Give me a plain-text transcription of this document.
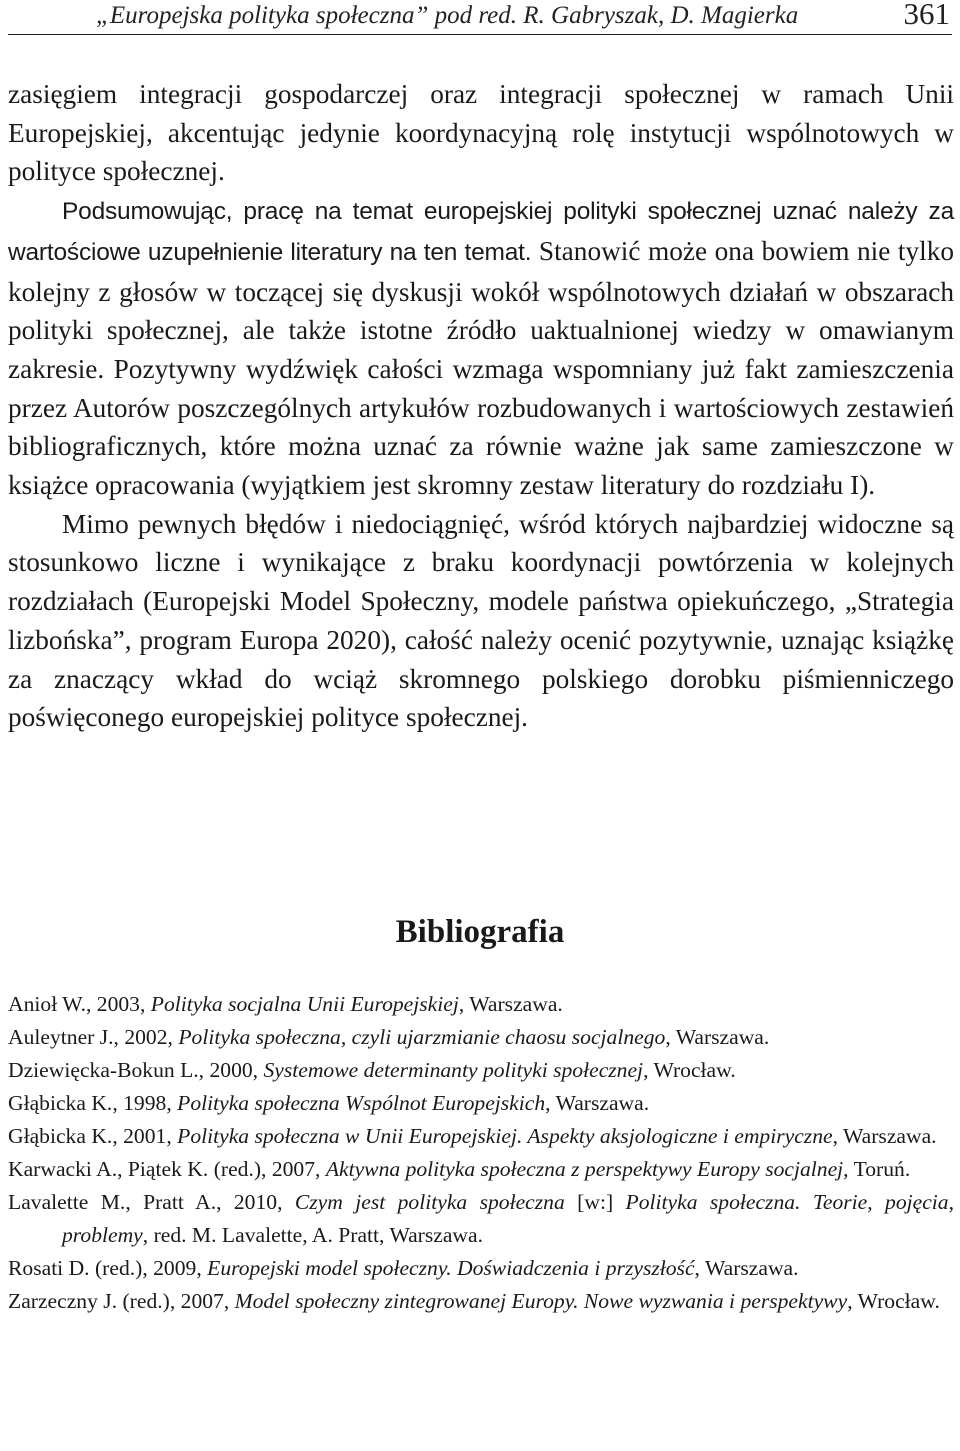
„Europejska polityka społeczna” pod red. R. Gabryszak, D. Magierka	361

zasięgiem integracji gospodarczej oraz integracji społecznej w ramach Unii Europejskiej, akcentując jedynie koordynacyjną rolę instytucji wspólnotowych w polityce społecznej.

Podsumowując, pracę na temat europejskiej polityki społecznej uznać należy za wartościowe uzupełnienie literatury na ten temat. Stanowić może ona bowiem nie tylko kolejny z głosów w toczącej się dyskusji wokół wspólnotowych działań w obszarach polityki społecznej, ale także istotne źródło uaktualnionej wiedzy w omawianym zakresie. Pozytywny wydźwięk całości wzmaga wspomniany już fakt zamieszczenia przez Autorów poszczególnych artykułów rozbudowanych i wartościowych zestawień bibliograficznych, które można uznać za równie ważne jak same zamieszczone w książce opracowania (wyjątkiem jest skromny zestaw literatury do rozdziału I).

Mimo pewnych błędów i niedociągnięć, wśród których najbardziej widoczne są stosunkowo liczne i wynikające z braku koordynacji powtórzenia w kolejnych rozdziałach (Europejski Model Społeczny, modele państwa opiekuńczego, „Strategia lizbońska”, program Europa 2020), całość należy ocenić pozytywnie, uznając książkę za znaczący wkład do wciąż skromnego polskiego dorobku piśmienniczego poświęconego europejskiej polityce społecznej.

Bibliografia
Anioł W., 2003, Polityka socjalna Unii Europejskiej, Warszawa.
Auleytner J., 2002, Polityka społeczna, czyli ujarzmianie chaosu socjalnego, Warszawa.
Dziewięcka-Bokun L., 2000, Systemowe determinanty polityki społecznej, Wrocław.
Głąbicka K., 1998, Polityka społeczna Wspólnot Europejskich, Warszawa.
Głąbicka K., 2001, Polityka społeczna w Unii Europejskiej. Aspekty aksjologiczne i empiryczne, Warszawa.
Karwacki A., Piątek K. (red.), 2007, Aktywna polityka społeczna z perspektywy Europy socjalnej, Toruń.
Lavalette M., Pratt A., 2010, Czym jest polityka społeczna [w:] Polityka społeczna. Teorie, pojęcia, problemy, red. M. Lavalette, A. Pratt, Warszawa.
Rosati D. (red.), 2009, Europejski model społeczny. Doświadczenia i przyszłość, Warszawa.
Zarzeczny J. (red.), 2007, Model społeczny zintegrowanej Europy. Nowe wyzwania i perspektywy, Wrocław.
